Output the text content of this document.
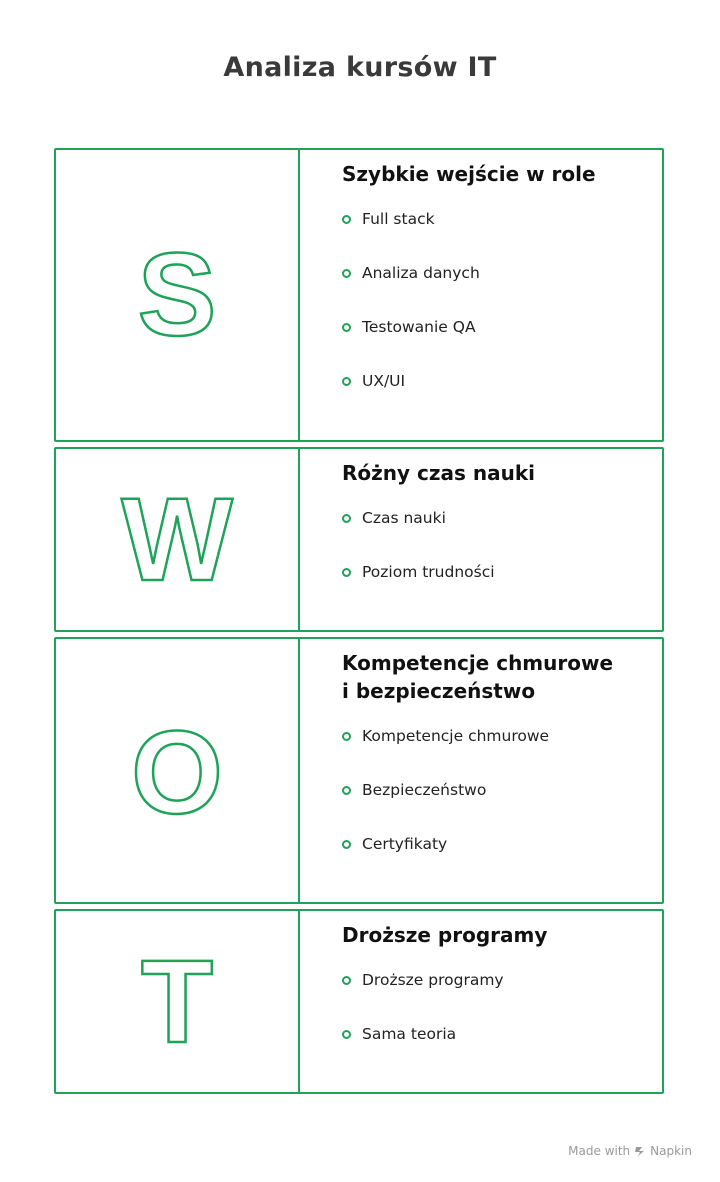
Analiza kursów IT
S
Szybkie wejście w role
Full stack
Analiza danych
Testowanie QA
UX/UI
W
Różny czas nauki
Czas nauki
Poziom trudności
O
Kompetencje chmurowe
i bezpieczeństwo
Kompetencje chmurowe
Bezpieczeństwo
Certyfikaty
T
Droższe programy
Droższe programy
Sama teoria
Made with Napkin
